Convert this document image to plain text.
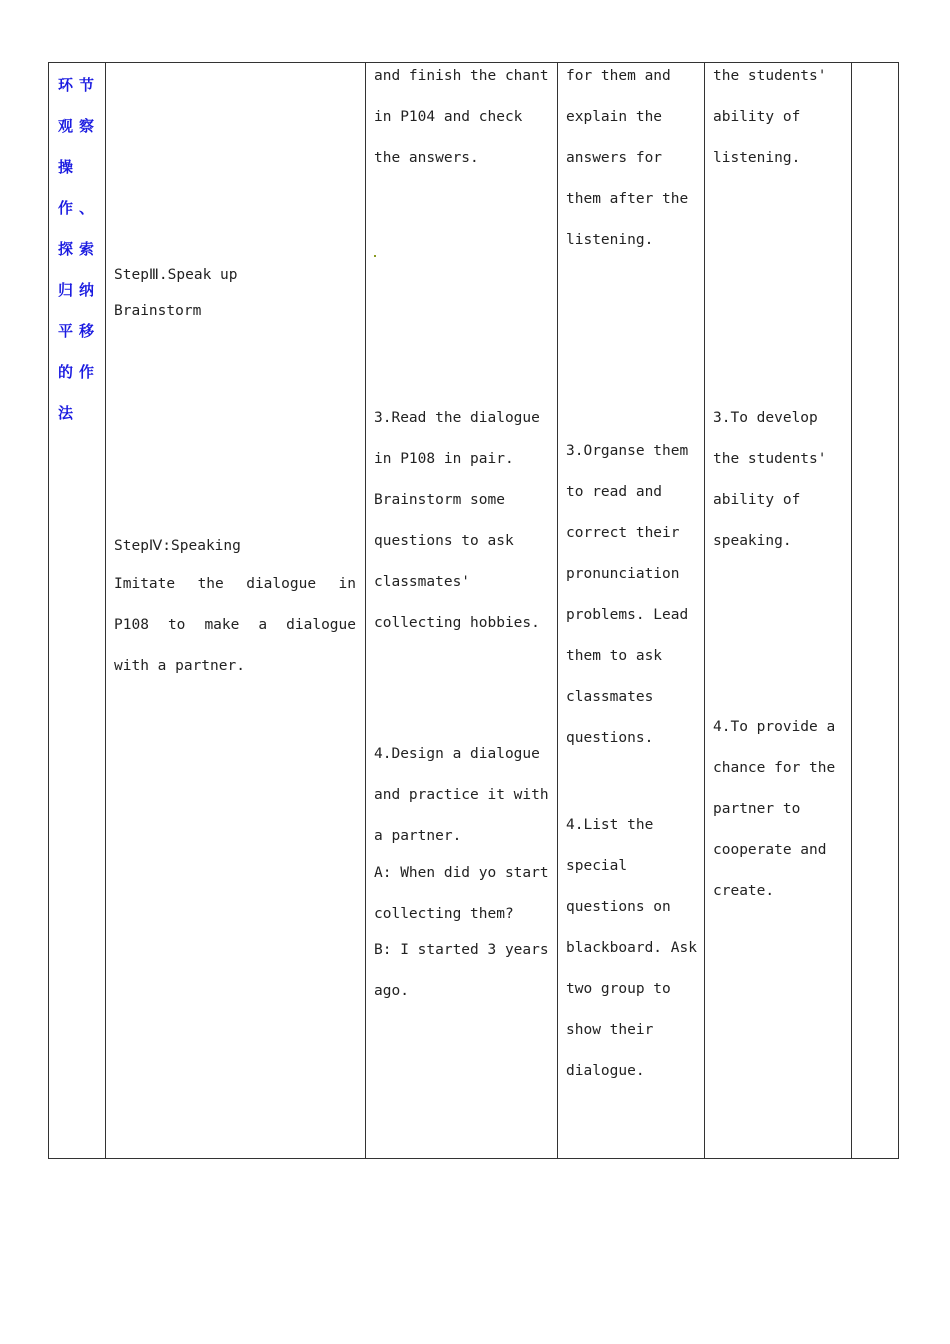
环节观察操作、探索归纳平移的作法
StepⅢ.Speak up
Brainstorm
StepⅣ:Speaking
Imitate the dialogue in P108 to make a dialogue with a partner.
and finish the chant
in P104 and check
the answers.
3.Read the dialogue
in P108 in pair.
Brainstorm some
questions to ask
classmates'
collecting hobbies.
4.Design a dialogue
and practice it with
a partner.
A: When did yo start
collecting them?
B: I started 3 years
ago.
for them and
explain the
answers for
them after the
listening.
3.Organse them
to read and
correct their
pronunciation
problems. Lead
them to ask
classmates
questions.
4.List the
special
questions on
blackboard. Ask
two group to
show their
dialogue.
the students'
ability of
listening.
3.To develop
the students'
ability of
speaking.
4.To provide a
chance for the
partner to
cooperate and
create.
